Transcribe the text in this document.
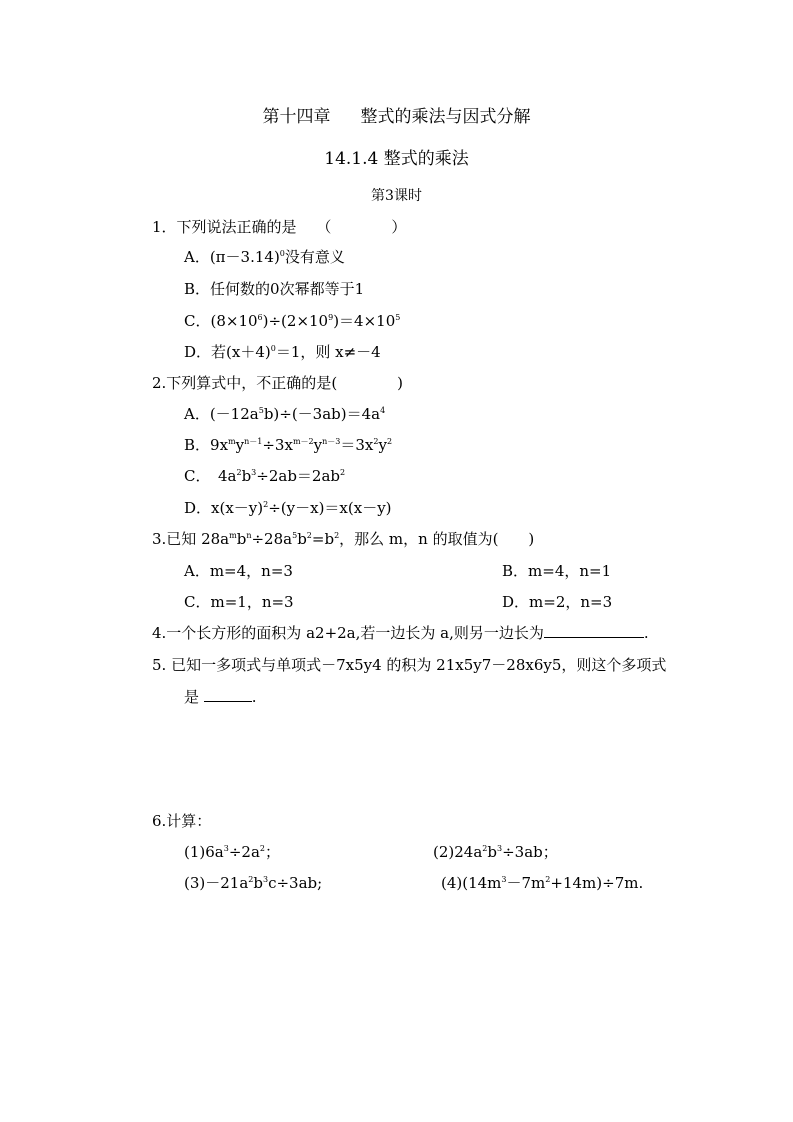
第十四章 整式的乘法与因式分解
14.1.4 整式的乘法
第3课时
1．下列说法正确的是　 （　　　　）
A．$(\pi-3.14)^0$没有意义
B．任何数的0次幂都等于1
C．$(8\times 10^6)\div(2\times 10^9)=4\times 10^5$
D．若$(x+4)^0=1$，则 x≠－4
2.下列算式中，不正确的是(　　　　)
A．$(-12a^5b)\div(-3ab)=4a^4$
B．$9x^my^{n-1}\div 3x^{m-2}y^{n-3}=3x^2y^2$
C．　$4a^2b^3\div 2ab=2ab^2$
D．$x(x-y)^2\div(y-x)=x(x-y)$
3.已知 $28a^mb^n\div 28a^5b^2=b^2$，那么 m，n 的取值为(　　)
A．m=4，n=3	B．m=4，n=1
C．m=1，n=3	D．m=2，n=3
4.一个长方形的面积为 a2+2a,若一边长为 a,则另一边长为	.
5. 已知一多项式与单项式－7x5y4 的积为 21x5y7－28x6y5，则这个多项式
是	.
6.计算：
$(1)6a^3\div 2a^2$；	$(2)24a^2b^3\div 3ab$；
$(3)-21a^2b^3c\div 3ab$;	$(4)(14m^3-7m^2+14m)\div 7m$.
